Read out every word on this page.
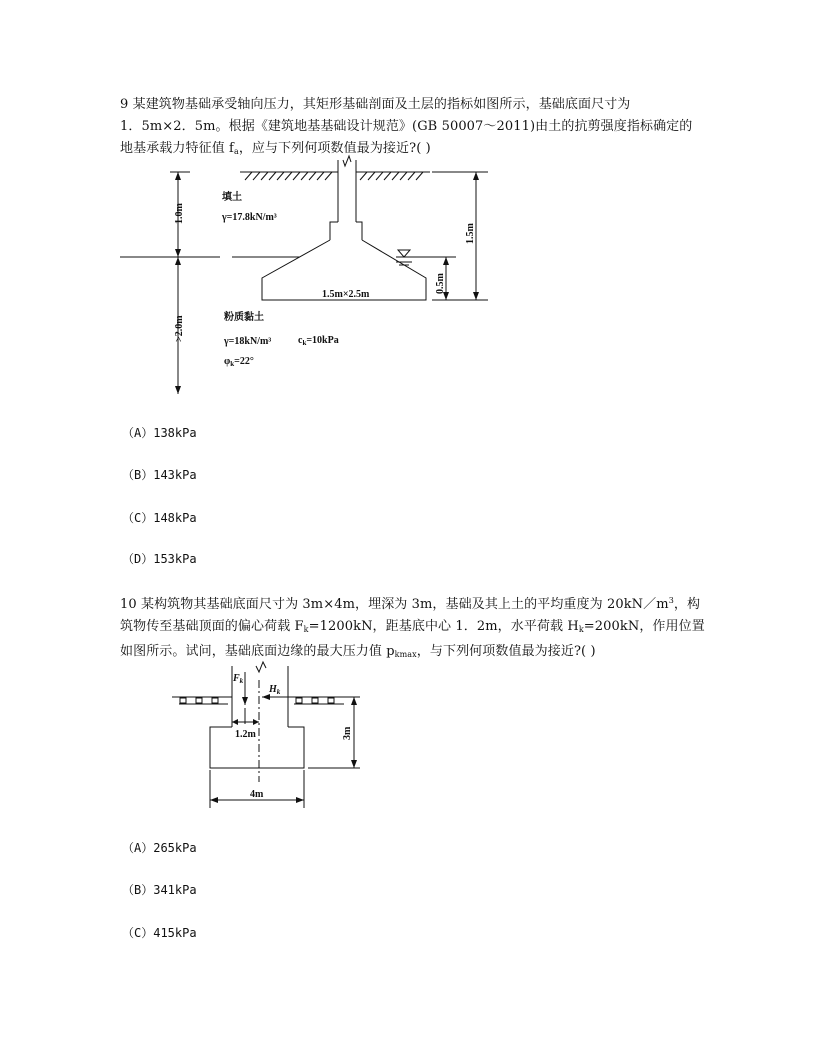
9 某建筑物基础承受轴向压力，其矩形基础剖面及土层的指标如图所示，基础底面尺寸为
1．5m×2．5m。根据《建筑地基基础设计规范》(GB 50007～2011)由土的抗剪强度指标确定的
地基承载力特征值 $f_a$，应与下列何项数值最为接近?( )
填土
γ=17.8kN/m³
1.0m
1.5m
0.5m
1.5m×2.5m
粉质黏土
γ=18kN/m³	$c_k=10kPa$
$\varphi_k=22^\circ$
>2.0m
（A）138kPa
（B）143kPa
（C）148kPa
（D）153kPa
10 某构筑物其基础底面尺寸为 3m×4m，埋深为 3m，基础及其上土的平均重度为 $20kN/m^3$，构
筑物传至基础顶面的偏心荷载 $F_k=1200kN$，距基底中心 1．2m，水平荷载 $H_k=200kN$，作用位置
如图所示。试问，基础底面边缘的最大压力值 $p_{kmax}$，与下列何项数值最为接近?( )
$F_k$
$H_k$
1.2m	3m
4m
（A）265kPa
（B）341kPa
（C）415kPa
